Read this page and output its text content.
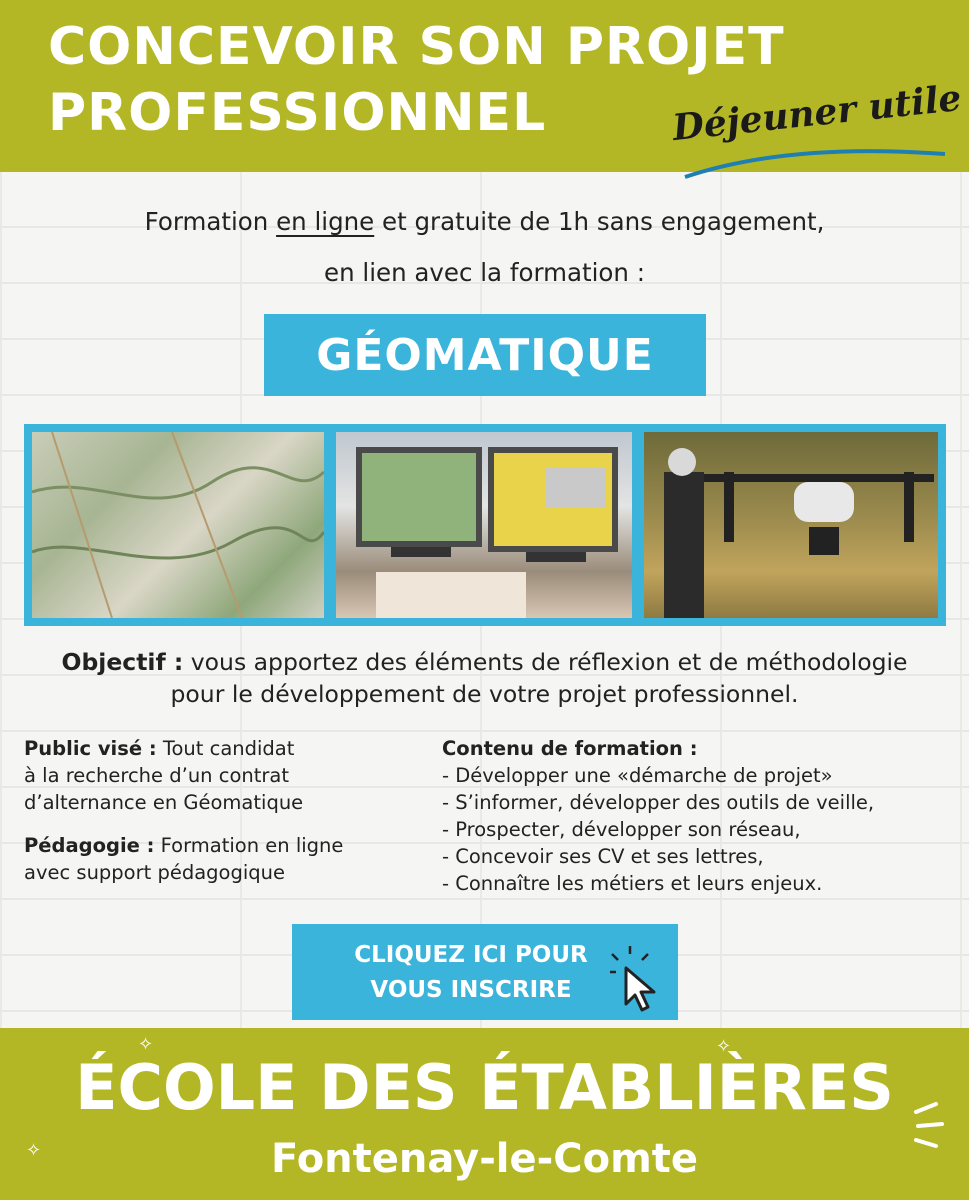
CONCEVOIR SON PROJET
PROFESSIONNEL	Déjeuner utile
Formation en ligne et gratuite de 1h sans engagement,
en lien avec la formation :
GÉOMATIQUE
Objectif : vous apportez des éléments de réflexion et de méthodologie
pour le développement de votre projet professionnel.

Public visé : Tout candidat
à la recherche d’un contrat
d’alternance en Géomatique

Pédagogie : Formation en ligne
avec support pédagogique

Contenu de formation :
- Développer une «démarche de projet»
- S’informer, développer des outils de veille,
- Prospecter, développer son réseau,
- Concevoir ses CV et ses lettres,
- Connaître les métiers et leurs enjeux.
CLIQUEZ ICI POUR
VOUS INSCRIRE
ÉCOLE DES ÉTABLIÈRES
Fontenay-le-Comte
✧	✧
✧
